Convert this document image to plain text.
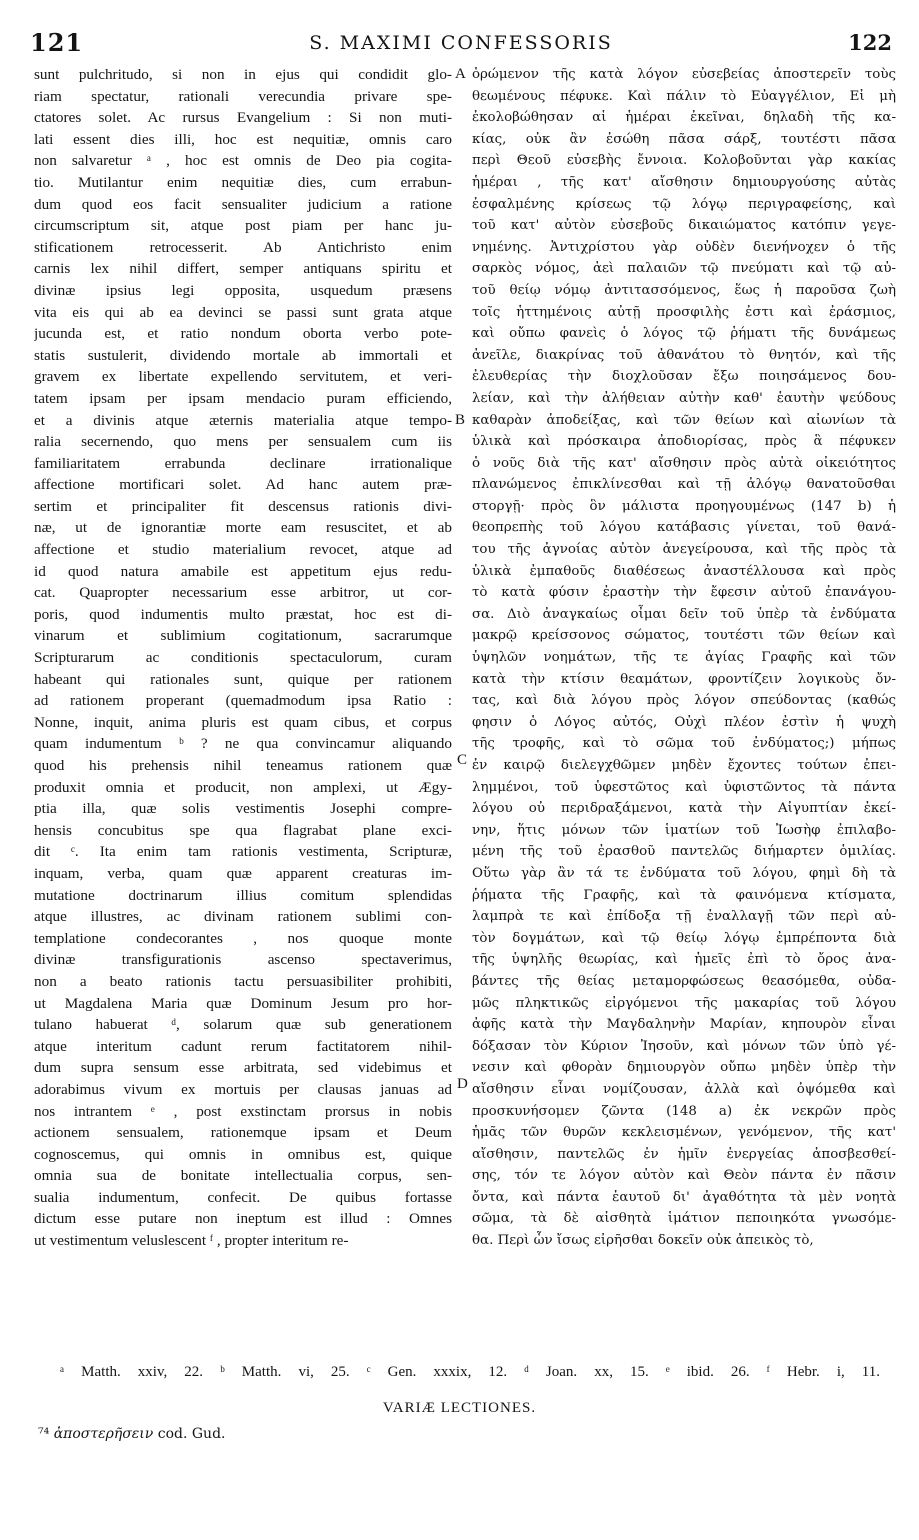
121	S. MAXIMI CONFESSORIS	122
sunt pulchritudo, si non in ejus qui condidit glo-
riam spectatur, rationali verecundia privare spe-
ctatores solet. Ac rursus Evangelium : Si non muti-
lati essent dies illi, hoc est nequitiæ, omnis caro
non salvaretur ᵃ , hoc est omnis de Deo pia cogita-
tio. Mutilantur enim nequitiæ dies, cum errabun-
dum quod eos facit sensualiter judicium a ratione
circumscriptum sit, atque post piam per hanc ju-
stificationem retrocesserit. Ab Antichristo enim
carnis lex nihil differt, semper antiquans spiritu et
divinæ ipsius legi opposita, usquedum præsens
vita eis qui ab ea devinci se passi sunt grata atque
jucunda est, et ratio nondum oborta verbo pote-
statis sustulerit, dividendo mortale ab immortali et
gravem ex libertate expellendo servitutem, et veri-
tatem ipsam per ipsam mendacio puram efficiendo,
et a divinis atque æternis materialia atque tempo-
ralia secernendo, quo mens per sensualem cum iis
familiaritatem errabunda declinare irrationalique
affectione mortificari solet. Ad hanc autem præ-
sertim et principaliter fit descensus rationis divi-
næ, ut de ignorantiæ morte eam resuscitet, et ab
affectione et studio materialium revocet, atque ad
id quod natura amabile est appetitum ejus redu-
cat. Quapropter necessarium esse arbitror, ut cor-
poris, quod indumentis multo præstat, hoc est di-
vinarum et sublimium cogitationum, sacrarumque
Scripturarum ac conditionis spectaculorum, curam
habeant qui rationales sunt, quique per rationem
ad rationem properant (quemadmodum ipsa Ratio :
Nonne, inquit, anima pluris est quam cibus, et corpus
quam indumentum ᵇ ? ne qua convincamur aliquando
quod his prehensis nihil teneamus rationem quæ
produxit omnia et producit, non amplexi, ut Ægy-
ptia illa, quæ solis vestimentis Josephi compre-
hensis concubitus spe qua flagrabat plane exci-
dit ᶜ. Ita enim tam rationis vestimenta, Scripturæ,
inquam, verba, quam quæ apparent creaturas im-
mutatione doctrinarum illius comitum splendidas
atque illustres, ac divinam rationem sublimi con-
templatione condecorantes , nos quoque monte
divinæ transfigurationis ascenso spectaverimus,
non a beato rationis tactu persuasibiliter prohibiti,
ut Magdalena Maria quæ Dominum Jesum pro hor-
tulano habuerat ᵈ, solarum quæ sub generationem
atque interitum cadunt rerum factitatorem nihil-
dum supra sensum esse arbitrata, sed videbimus et
adorabimus vivum ex mortuis per clausas januas ad
nos intrantem ᵉ , post exstinctam prorsus in nobis
actionem sensualem, rationemque ipsam et Deum
cognoscemus, qui omnis in omnibus est, quique
omnia sua de bonitate intellectualia corpus, sen-
sualia indumentum, confecit. De quibus fortasse
dictum esse putare non ineptum est illud : Omnes
ut vestimentum veluslescent ᶠ , propter interitum re-
ὁρώμενον τῆς κατὰ λόγον εὐσεβείας ἀποστερεῖν τοὺς
θεωμένους πέφυκε. Καὶ πάλιν τὸ Εὐαγγέλιον, Εἰ μὴ
ἐκολοβώθησαν αἱ ἡμέραι ἐκεῖναι, δηλαδὴ τῆς κα-
κίας, οὐκ ἂν ἐσώθη πᾶσα σάρξ, τουτέστι πᾶσα
περὶ Θεοῦ εὐσεβὴς ἔννοια. Κολοβοῦνται γὰρ κακίας
ἡμέραι , τῆς κατ' αἴσθησιν δημιουργούσης αὐτὰς
ἐσφαλμένης κρίσεως τῷ λόγῳ περιγραφείσης, καὶ
τοῦ κατ' αὐτὸν εὐσεβοῦς δικαιώματος κατόπιν γεγε-
νημένης. Ἀντιχρίστου γὰρ οὐδὲν διενήνοχεν ὁ τῆς
σαρκὸς νόμος, ἀεὶ παλαιῶν τῷ πνεύματι καὶ τῷ αὐ-
τοῦ θείῳ νόμῳ ἀντιτασσόμενος, ἕως ἡ παροῦσα ζωὴ
τοῖς ἡττημένοις αὐτῇ προσφιλὴς ἐστι καὶ ἐράσμιος,
καὶ οὔπω φανεὶς ὁ λόγος τῷ ῥήματι τῆς δυνάμεως
ἀνεῖλε, διακρίνας τοῦ ἀθανάτου τὸ θνητόν, καὶ τῆς
ἐλευθερίας τὴν διοχλοῦσαν ἔξω ποιησάμενος δου-
λείαν, καὶ τὴν ἀλήθειαν αὐτὴν καθ' ἑαυτὴν ψεύδους
καθαρὰν ἀποδείξας, καὶ τῶν θείων καὶ αἰωνίων τὰ
ὑλικὰ καὶ πρόσκαιρα ἀποδιορίσας, πρὸς ἃ πέφυκεν
ὁ νοῦς διὰ τῆς κατ' αἴσθησιν πρὸς αὐτὰ οἰκειότητος
πλανώμενος ἐπικλίνεσθαι καὶ τῇ ἀλόγῳ θανατοῦσθαι
στοργῇ· πρὸς ὃν μάλιστα προηγουμένως (147 b) ἡ
θεοπρεπὴς τοῦ λόγου κατάβασις γίνεται, τοῦ θανά-
του τῆς ἀγνοίας αὐτὸν ἀνεγείρουσα, καὶ τῆς πρὸς τὰ
ὑλικὰ ἐμπαθοῦς διαθέσεως ἀναστέλλουσα καὶ πρὸς
τὸ κατὰ φύσιν ἐραστὴν τὴν ἔφεσιν αὐτοῦ ἐπανάγου-
σα. Διὸ ἀναγκαίως οἶμαι δεῖν τοῦ ὑπὲρ τὰ ἐνδύματα
μακρῷ κρείσσονος σώματος, τουτέστι τῶν θείων καὶ
ὑψηλῶν νοημάτων, τῆς τε ἁγίας Γραφῆς καὶ τῶν
κατὰ τὴν κτίσιν θεαμάτων, φροντίζειν λογικοὺς ὄν-
τας, καὶ διὰ λόγου πρὸς λόγον σπεύδοντας (καθώς
φησιν ὁ Λόγος αὐτός, Οὐχὶ πλέον ἐστὶν ἡ ψυχὴ
τῆς τροφῆς, καὶ τὸ σῶμα τοῦ ἐνδύματος;) μήπως
ἐν καιρῷ διελεγχθῶμεν μηδὲν ἔχοντες τούτων ἐπει-
λημμένοι, τοῦ ὑφεστῶτος καὶ ὑφιστῶντος τὰ πάντα
λόγου οὐ περιδραξάμενοι, κατὰ τὴν Αἰγυπτίαν ἐκεί-
νην, ἥτις μόνων τῶν ἱματίων τοῦ Ἰωσὴφ ἐπιλαβο-
μένη τῆς τοῦ ἐρασθοῦ παντελῶς διήμαρτεν ὁμιλίας.
Οὕτω γὰρ ἂν τά τε ἐνδύματα τοῦ λόγου, φημὶ δὴ τὰ
ῥήματα τῆς Γραφῆς, καὶ τὰ φαινόμενα κτίσματα,
λαμπρὰ τε καὶ ἐπίδοξα τῇ ἐναλλαγῇ τῶν περὶ αὐ-
τὸν δογμάτων, καὶ τῷ θείῳ λόγῳ ἐμπρέποντα διὰ
τῆς ὑψηλῆς θεωρίας, καὶ ἡμεῖς ἐπὶ τὸ ὄρος ἀνα-
βάντες τῆς θείας μεταμορφώσεως θεασόμεθα, οὐδα-
μῶς πληκτικῶς εἰργόμενοι τῆς μακαρίας τοῦ λόγου
ἀφῆς κατὰ τὴν Μαγδαληνὴν Μαρίαν, κηπουρὸν εἶναι
δόξασαν τὸν Κύριον Ἰησοῦν, καὶ μόνων τῶν ὑπὸ γέ-
νεσιν καὶ φθορὰν δημιουργὸν οὔπω μηδὲν ὑπὲρ τὴν
αἴσθησιν εἶναι νομίζουσαν, ἀλλὰ καὶ ὀψόμεθα καὶ
προσκυνήσομεν ζῶντα (148 a) ἐκ νεκρῶν πρὸς
ἡμᾶς τῶν θυρῶν κεκλεισμένων, γενόμενον, τῆς κατ'
αἴσθησιν, παντελῶς ἐν ἡμῖν ἐνεργείας ἀποσβεσθεί-
σης, τόν τε λόγον αὐτὸν καὶ Θεὸν πάντα ἐν πᾶσιν
ὄντα, καὶ πάντα ἑαυτοῦ δι' ἀγαθότητα τὰ μὲν νοητὰ
σῶμα, τὰ δὲ αἰσθητὰ ἱμάτιον πεποιηκότα γνωσόμε-
θα. Περὶ ὧν ἴσως εἰρῆσθαι δοκεῖν οὐκ ἀπεικὸς τὸ,
A
B
C
D
ᵃ Matth. xxiv, 22. ᵇ Matth. vi, 25. ᶜ Gen. xxxix, 12. ᵈ Joan. xx, 15. ᵉ ibid. 26. ᶠ Hebr. i, 11.
VARIÆ LECTIONES.
⁷⁴ ἀποστερῆσειν cod. Gud.
